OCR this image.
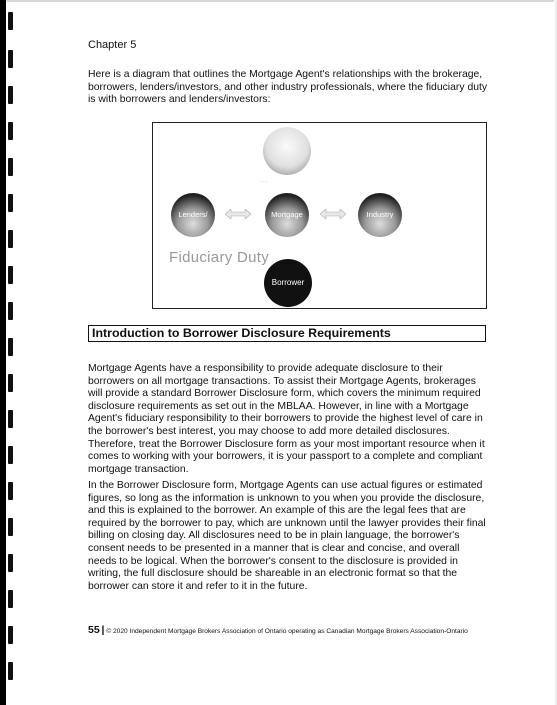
Chapter 5
Here is a diagram that outlines the Mortgage Agent's relationships with the brokerage, borrowers, lenders/investors, and other industry professionals, where the fiduciary duty is with borrowers and lenders/investors:
·····
Lenders/	Mortgage	Industry
Fiduciary Duty
Borrower
Introduction to Borrower Disclosure Requirements
Mortgage Agents have a responsibility to provide adequate disclosure to their borrowers on all mortgage transactions. To assist their Mortgage Agents, brokerages will provide a standard Borrower Disclosure form, which covers the minimum required disclosure requirements as set out in the MBLAA. However, in line with a Mortgage Agent's fiduciary responsibility to their borrowers to provide the highest level of care in the borrower's best interest, you may choose to add more detailed disclosures. Therefore, treat the Borrower Disclosure form as your most important resource when it comes to working with your borrowers, it is your passport to a complete and compliant mortgage transaction.
In the Borrower Disclosure form, Mortgage Agents can use actual figures or estimated figures, so long as the information is unknown to you when you provide the disclosure, and this is explained to the borrower. An example of this are the legal fees that are required by the borrower to pay, which are unknown until the lawyer provides their final billing on closing day. All disclosures need to be in plain language, the borrower's consent needs to be presented in a manner that is clear and concise, and overall needs to be logical. When the borrower's consent to the disclosure is provided in writing, the full disclosure should be shareable in an electronic format so that the borrower can store it and refer to it in the future.
55 | © 2020 Independent Mortgage Brokers Association of Ontario operating as Canadian Mortgage Brokers Association-Ontario
